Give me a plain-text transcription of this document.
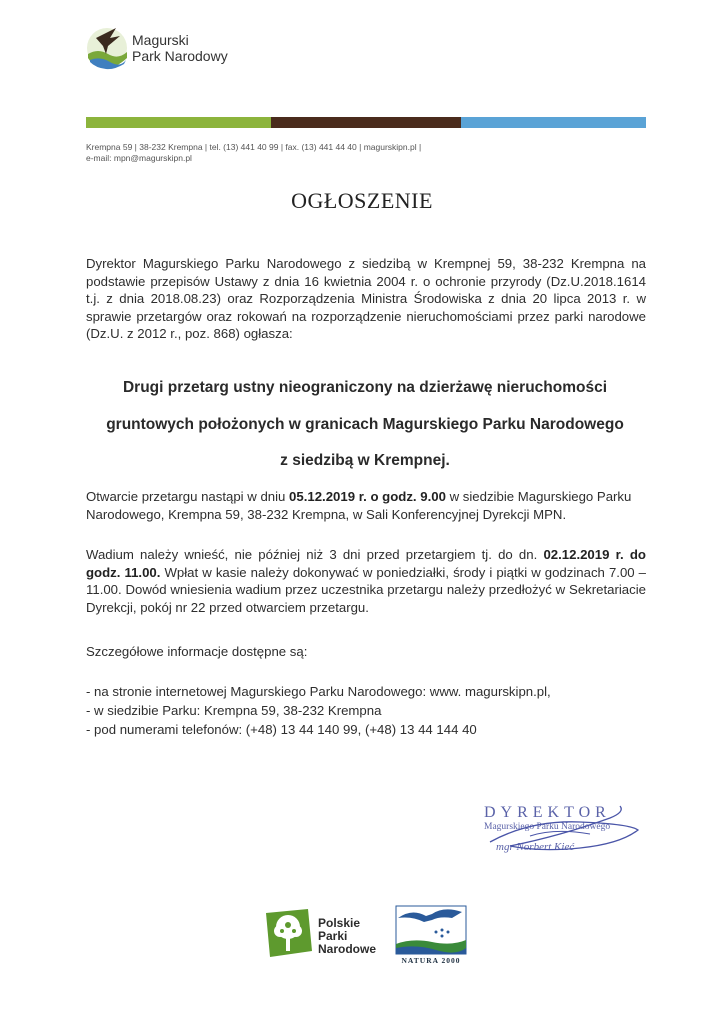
Magurski
Park Narodowy
Krempna 59 | 38-232 Krempna | tel. (13) 441 40 99 | fax. (13) 441 44 40 | magurskipn.pl |
e-mail: mpn@magurskipn.pl
OGŁOSZENIE
Dyrektor Magurskiego Parku Narodowego z siedzibą w Krempnej 59, 38-232 Krempna na podstawie przepisów Ustawy z dnia 16 kwietnia 2004 r. o ochronie przyrody (Dz.U.2018.1614 t.j. z dnia 2018.08.23) oraz Rozporządzenia Ministra Środowiska z dnia 20 lipca 2013 r. w sprawie przetargów oraz rokowań na rozporządzenie nieruchomościami przez parki narodowe (Dz.U. z 2012 r., poz. 868) ogłasza:
Drugi przetarg ustny nieograniczony na dzierżawę nieruchomości
gruntowych położonych w granicach Magurskiego Parku Narodowego
z siedzibą w Krempnej.
Otwarcie przetargu nastąpi w dniu 05.12.2019 r. o godz. 9.00 w siedzibie Magurskiego Parku Narodowego, Krempna 59, 38-232 Krempna, w Sali Konferencyjnej Dyrekcji MPN.
Wadium należy wnieść, nie później niż 3 dni przed przetargiem tj. do dn. 02.12.2019 r. do godz. 11.00. Wpłat w kasie należy dokonywać w poniedziałki, środy i piątki w godzinach 7.00 – 11.00. Dowód wniesienia wadium przez uczestnika przetargu należy przedłożyć w Sekretariacie Dyrekcji, pokój nr 22 przed otwarciem przetargu.
Szczegółowe informacje dostępne są:
- na stronie internetowej Magurskiego Parku Narodowego: www. magurskipn.pl,
- w siedzibie Parku: Krempna 59, 38-232 Krempna
- pod numerami telefonów: (+48) 13 44 140 99, (+48) 13 44 144 40
DYREKTOR
Magurskiego Parku Narodowego
mgr Norbert Kieć
Polskie
Parki
Narodowe
NATURA 2000
